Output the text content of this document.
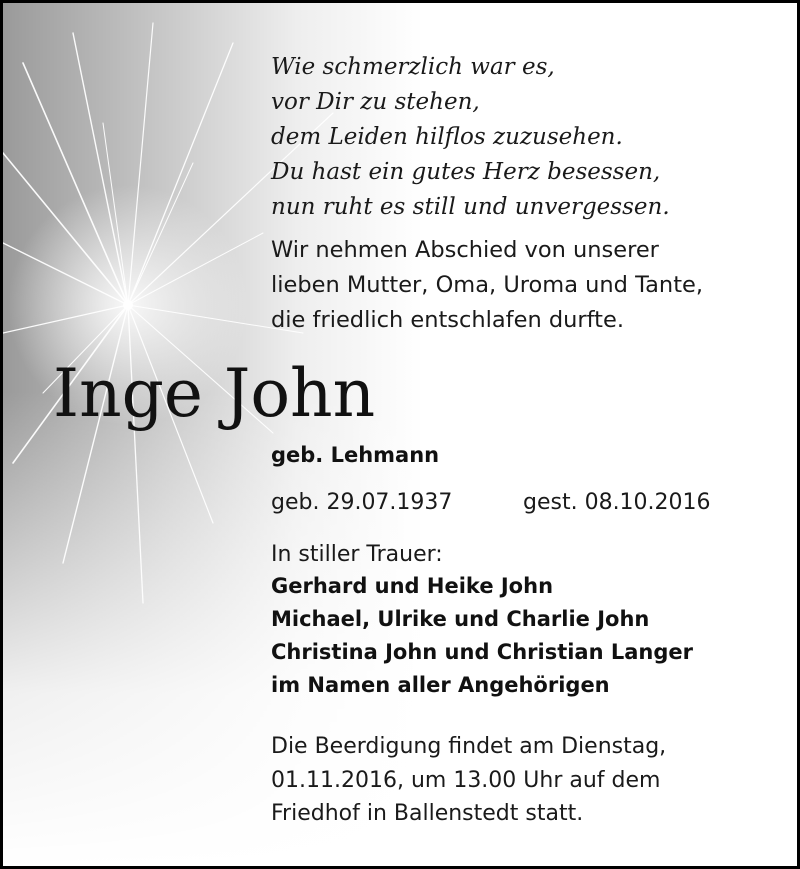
Wie schmerzlich war es,
vor Dir zu stehen,
dem Leiden hilflos zuzusehen.
Du hast ein gutes Herz besessen,
nun ruht es still und unvergessen.
Wir nehmen Abschied von unserer
lieben Mutter, Oma, Uroma und Tante,
die friedlich entschlafen durfte.
Inge John
geb. Lehmann
geb. 29.07.1937	gest. 08.10.2016
In stiller Trauer:
Gerhard und Heike John
Michael, Ulrike und Charlie John
Christina John und Christian Langer
im Namen aller Angehörigen
Die Beerdigung findet am Dienstag,
01.11.2016, um 13.00 Uhr auf dem
Friedhof in Ballenstedt statt.
